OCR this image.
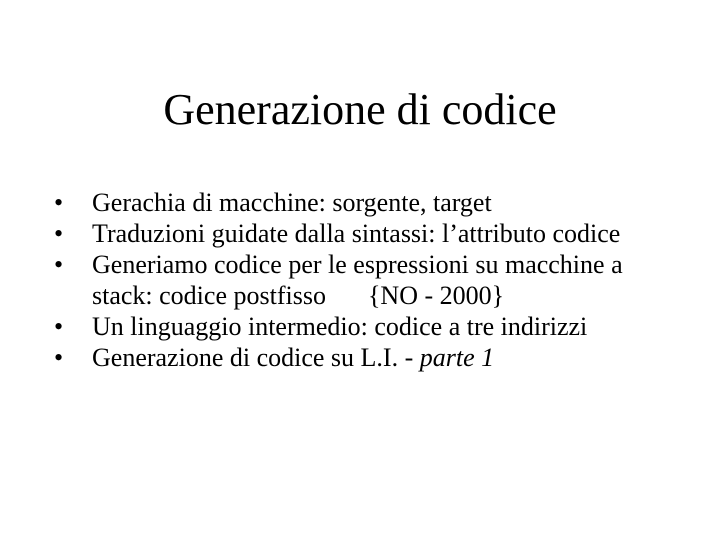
Generazione di codice
•	Gerachia di macchine: sorgente, target
•	Traduzioni guidate dalla sintassi: l’attributo codice
•	Generiamo codice per le espressioni su macchine a
stack: codice postfisso {NO - 2000}
•	Un linguaggio intermedio: codice a tre indirizzi
•	Generazione di codice su L.I. - parte 1
